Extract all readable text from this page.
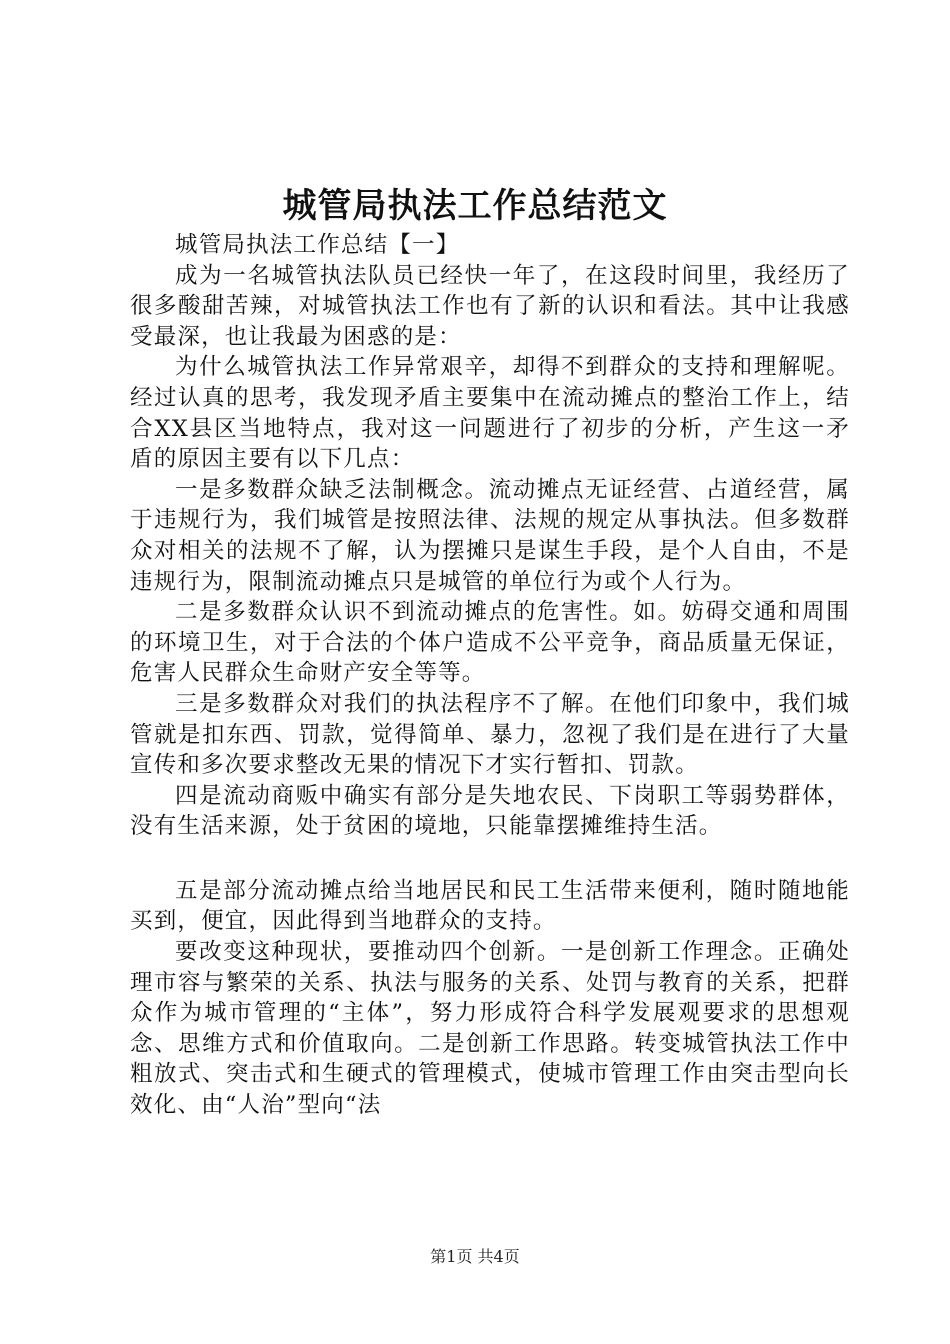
城管局执法工作总结范文

城管局执法工作总结【一】

成为一名城管执法队员已经快一年了，在这段时间里，我经历了很多酸甜苦辣，对城管执法工作也有了新的认识和看法。其中让我感受最深，也让我最为困惑的是：

为什么城管执法工作异常艰辛，却得不到群众的支持和理解呢。经过认真的思考，我发现矛盾主要集中在流动摊点的整治工作上，结合XX县区当地特点，我对这一问题进行了初步的分析，产生这一矛盾的原因主要有以下几点：

一是多数群众缺乏法制概念。流动摊点无证经营、占道经营，属于违规行为，我们城管是按照法律、法规的规定从事执法。但多数群众对相关的法规不了解，认为摆摊只是谋生手段，是个人自由，不是违规行为，限制流动摊点只是城管的单位行为或个人行为。

二是多数群众认识不到流动摊点的危害性。如。妨碍交通和周围的环境卫生，对于合法的个体户造成不公平竞争，商品质量无保证，危害人民群众生命财产安全等等。

三是多数群众对我们的执法程序不了解。在他们印象中，我们城管就是扣东西、罚款，觉得简单、暴力，忽视了我们是在进行了大量宣传和多次要求整改无果的情况下才实行暂扣、罚款。

四是流动商贩中确实有部分是失地农民、下岗职工等弱势群体，没有生活来源，处于贫困的境地，只能靠摆摊维持生活。

五是部分流动摊点给当地居民和民工生活带来便利，随时随地能买到，便宜，因此得到当地群众的支持。

要改变这种现状，要推动四个创新。一是创新工作理念。正确处理市容与繁荣的关系、执法与服务的关系、处罚与教育的关系，把群众作为城市管理的“主体”，努力形成符合科学发展观要求的思想观念、思维方式和价值取向。二是创新工作思路。转变城管执法工作中粗放式、突击式和生硬式的管理模式，使城市管理工作由突击型向长效化、由“人治”型向“法

第1页 共4页
